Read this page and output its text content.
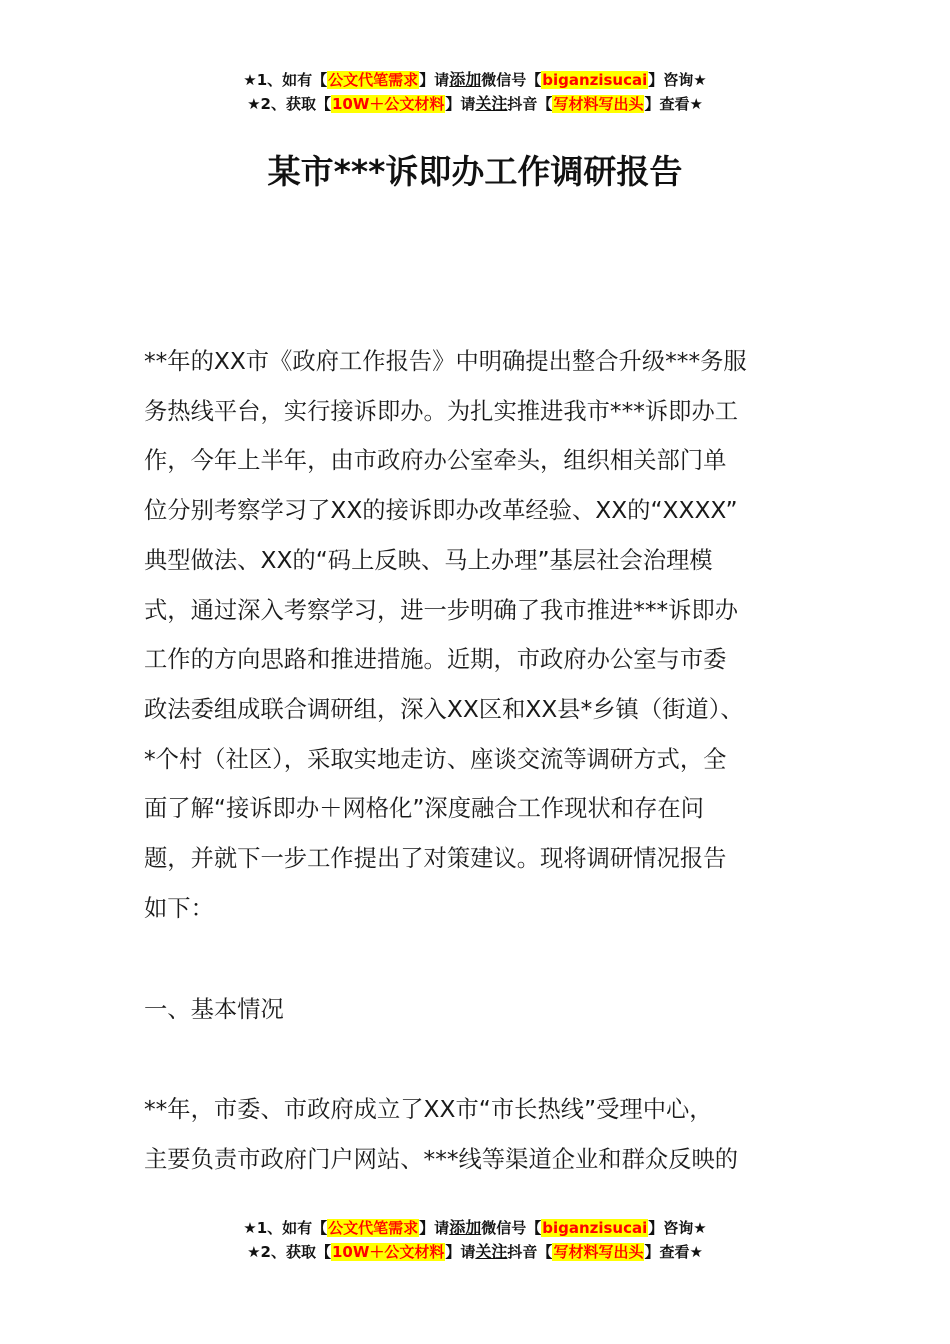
★1、如有【公文代笔需求】请添加微信号【biganzisucai】咨询★
★2、获取【10W＋公文材料】请关注抖音【写材料写出头】查看★
某市***诉即办工作调研报告
**年的XX市《政府工作报告》中明确提出整合升级***务服
务热线平台，实行接诉即办。为扎实推进我市***诉即办工
作，今年上半年，由市政府办公室牵头，组织相关部门单
位分别考察学习了XX的接诉即办改革经验、XX的“XXXX”
典型做法、XX的“码上反映、马上办理”基层社会治理模
式，通过深入考察学习，进一步明确了我市推进***诉即办
工作的方向思路和推进措施。近期，市政府办公室与市委
政法委组成联合调研组，深入XX区和XX县*乡镇（街道）、
*个村（社区），采取实地走访、座谈交流等调研方式，全
面了解“接诉即办＋网格化”深度融合工作现状和存在问
题，并就下一步工作提出了对策建议。现将调研情况报告
如下：
一、基本情况
**年，市委、市政府成立了XX市“市长热线”受理中心，
主要负责市政府门户网站、***线等渠道企业和群众反映的
★1、如有【公文代笔需求】请添加微信号【biganzisucai】咨询★
★2、获取【10W＋公文材料】请关注抖音【写材料写出头】查看★
